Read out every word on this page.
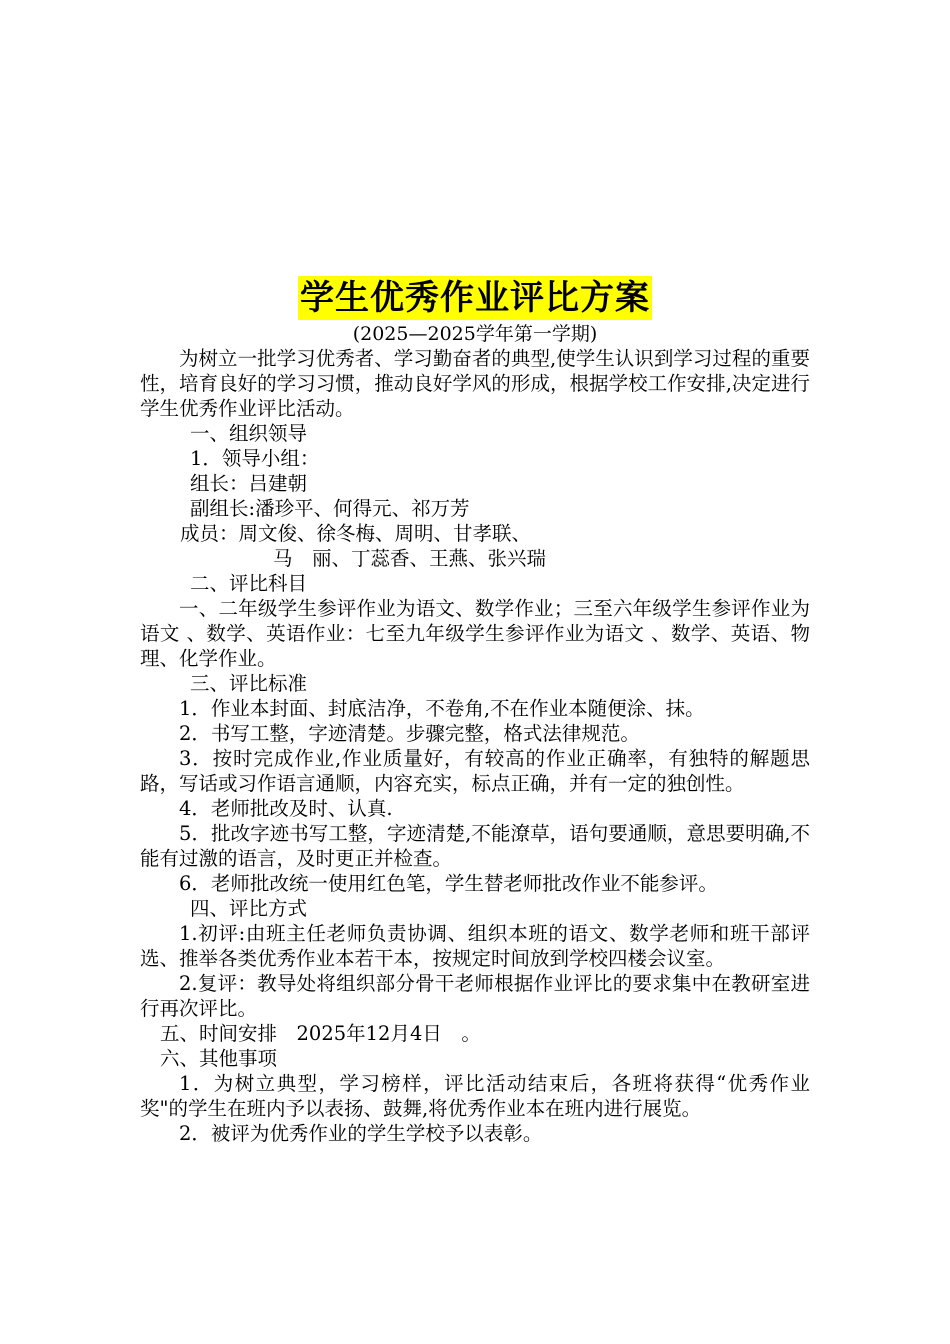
学生优秀作业评比方案
(2025—2025学年第一学期)

为树立一批学习优秀者、学习勤奋者的典型,使学生认识到学习过程的重要性，培育良好的学习习惯，推动良好学风的形成，根据学校工作安排,决定进行学生优秀作业评比活动。

一、组织领导

1．领导小组：

组长：吕建朝

副组长:潘珍平、何得元、祁万芳

成员：周文俊、徐冬梅、周明、甘孝联、

马　丽、丁蕊香、王燕、张兴瑞

二、评比科目

一、二年级学生参评作业为语文、数学作业；三至六年级学生参评作业为语文 、数学、英语作业：七至九年级学生参评作业为语文 、数学、英语、物理、化学作业。

三、评比标准

1．作业本封面、封底洁净，不卷角,不在作业本随便涂、抹。

2．书写工整，字迹清楚。步骤完整，格式法律规范。

3．按时完成作业,作业质量好，有较高的作业正确率，有独特的解题思路，写话或习作语言通顺，内容充实，标点正确，并有一定的独创性。

4．老师批改及时、认真.

5．批改字迹书写工整，字迹清楚,不能潦草，语句要通顺，意思要明确,不能有过激的语言，及时更正并检查。

6．老师批改统一使用红色笔，学生替老师批改作业不能参评。

四、评比方式

1.初评:由班主任老师负责协调、组织本班的语文、数学老师和班干部评选、推举各类优秀作业本若干本，按规定时间放到学校四楼会议室。

2.复评：教导处将组织部分骨干老师根据作业评比的要求集中在教研室进行再次评比。

五、时间安排　2025年12月4日　。

六、其他事项

1．为树立典型，学习榜样，评比活动结束后，各班将获得“优秀作业奖"的学生在班内予以表扬、鼓舞,将优秀作业本在班内进行展览。

2．被评为优秀作业的学生学校予以表彰。
